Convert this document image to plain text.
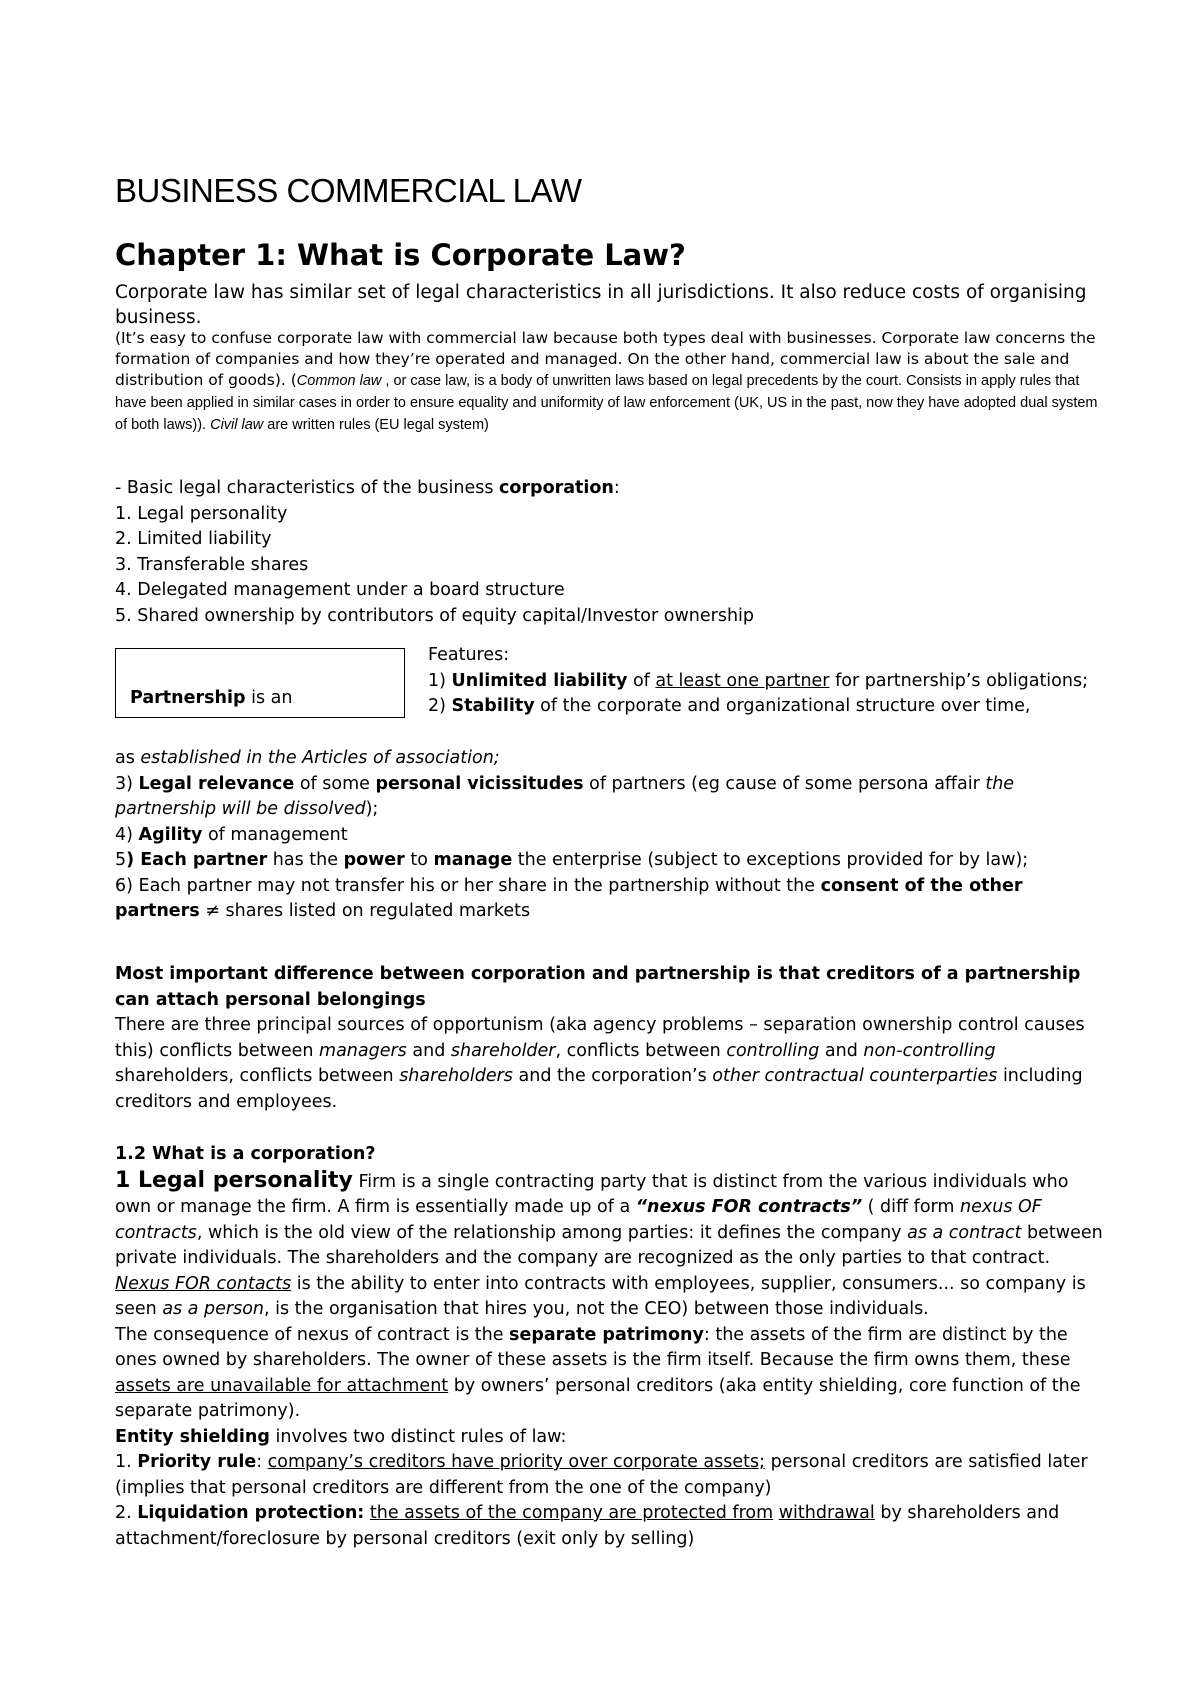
BUSINESS COMMERCIAL LAW
Chapter 1: What is Corporate Law?
Corporate law has similar set of legal characteristics in all jurisdictions. It also reduce costs of organising business.
(It’s easy to confuse corporate law with commercial law because both types deal with businesses. Corporate law concerns the formation of companies and how they’re operated and managed. On the other hand, commercial law is about the sale and distribution of goods). (Common law , or case law, is a body of unwritten laws based on legal precedents by the court. Consists in apply rules that have been applied in similar cases in order to ensure equality and uniformity of law enforcement (UK, US in the past, now they have adopted dual system of both laws)). Civil law are written rules (EU legal system)

- Basic legal characteristics of the business corporation:

1. Legal personality

2. Limited liability

3. Transferable shares

4. Delegated management under a board structure

5. Shared ownership by contributors of equity capital/Investor ownership

Partnership is an

Features:

1) Unlimited liability of at least one partner for partnership’s obligations;

2) Stability of the corporate and organizational structure over time,

as established in the Articles of association;

3) Legal relevance of some personal vicissitudes of partners (eg cause of some persona affair the partnership will be dissolved);

4) Agility of management

5) Each partner has the power to manage the enterprise (subject to exceptions provided for by law);

6) Each partner may not transfer his or her share in the partnership without the consent of the other partners ≠ shares listed on regulated markets

Most important difference between corporation and partnership is that creditors of a partnership can attach personal belongings

There are three principal sources of opportunism (aka agency problems – separation ownership control causes this) conflicts between managers and shareholder, conflicts between controlling and non-controlling shareholders, conflicts between shareholders and the corporation’s other contractual counterparties including creditors and employees.

1.2 What is a corporation?

1 Legal personality Firm is a single contracting party that is distinct from the various individuals who own or manage the firm. A firm is essentially made up of a “nexus FOR contracts” ( diff form nexus OF contracts, which is the old view of the relationship among parties: it defines the company as a contract between private individuals. The shareholders and the company are recognized as the only parties to that contract. Nexus FOR contacts is the ability to enter into contracts with employees, supplier, consumers... so company is seen as a person, is the organisation that hires you, not the CEO) between those individuals.

The consequence of nexus of contract is the separate patrimony: the assets of the firm are distinct by the ones owned by shareholders. The owner of these assets is the firm itself. Because the firm owns them, these assets are unavailable for attachment by owners’ personal creditors (aka entity shielding, core function of the separate patrimony).

Entity shielding involves two distinct rules of law:

1. Priority rule: company’s creditors have priority over corporate assets; personal creditors are satisfied later (implies that personal creditors are different from the one of the company)

2. Liquidation protection: the assets of the company are protected from withdrawal by shareholders and attachment/foreclosure by personal creditors (exit only by selling)
